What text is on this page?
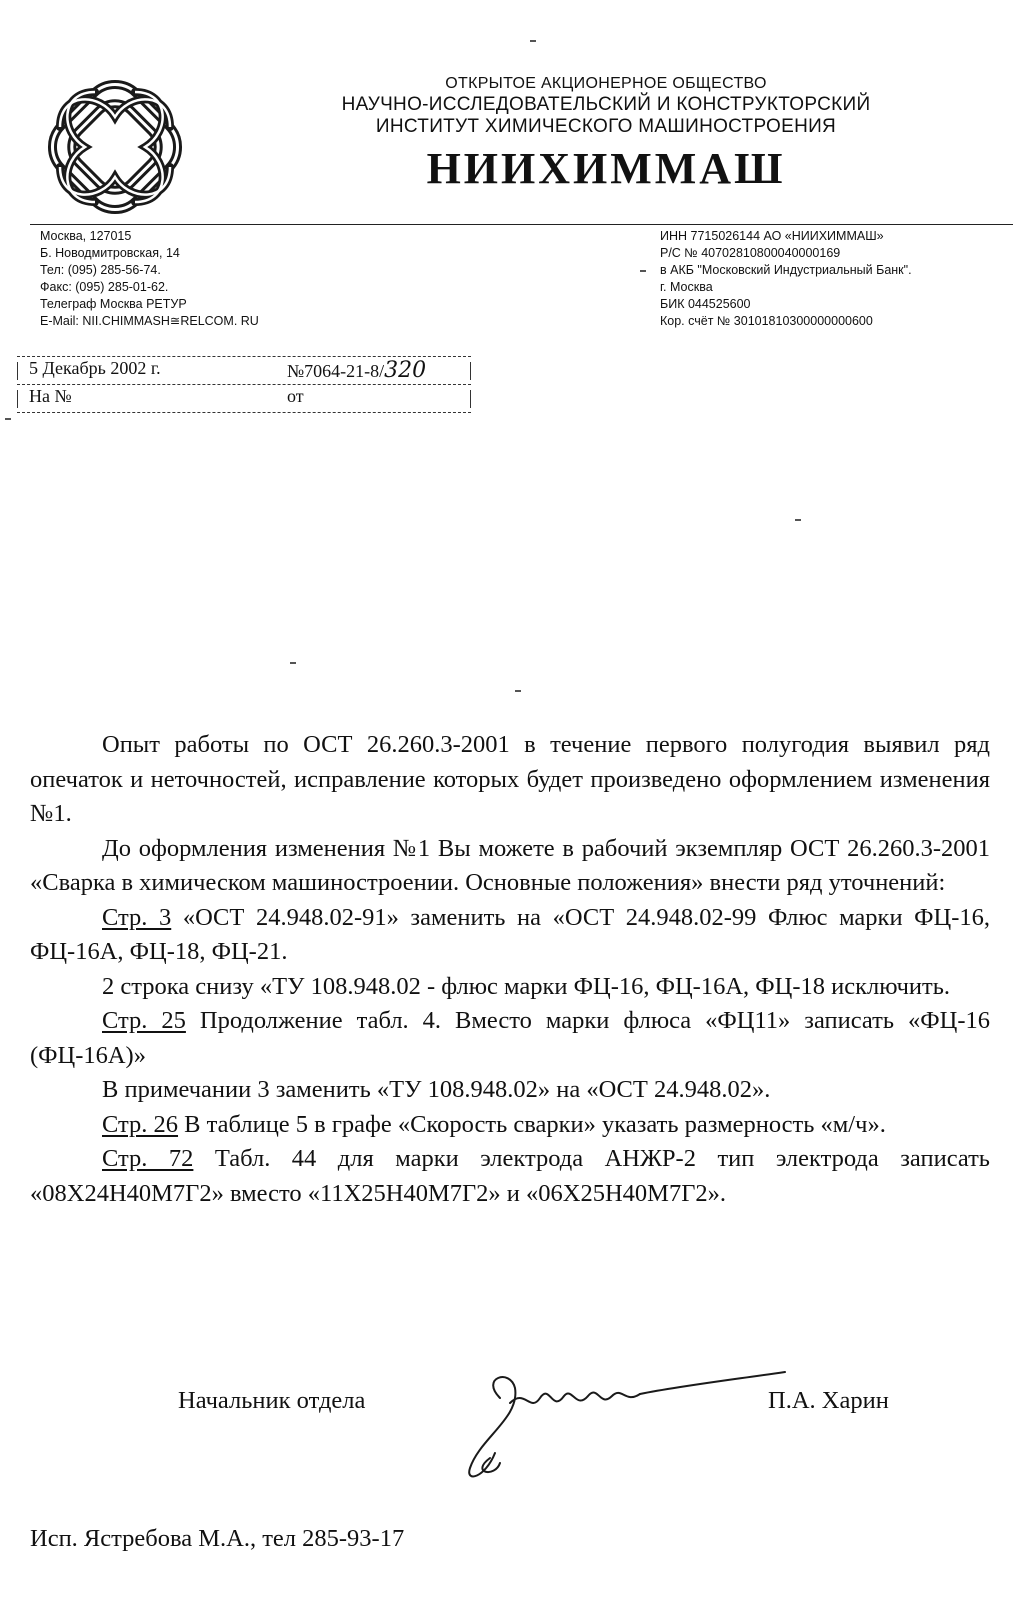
ОТКРЫТОЕ АКЦИОНЕРНОЕ ОБЩЕСТВО
НАУЧНО-ИССЛЕДОВАТЕЛЬСКИЙ И КОНСТРУКТОРСКИЙ
ИНСТИТУТ ХИМИЧЕСКОГО МАШИНОСТРОЕНИЯ
НИИХИММАШ
Москва, 127015
Б. Новодмитровская, 14
Тел: (095) 285-56-74.
Факс: (095) 285-01-62.
Телеграф Москва РЕТУР
E-Mail: NII.CHIMMASH≅RELCOM. RU
ИНН 7715026144 АО «НИИХИММАШ»
Р/С № 40702810800040000169
в АКБ "Московский Индустриальный Банк".
г. Москва
БИК 044525600
Кор. счёт № 30101810300000000600
5 Декабрь 2002 г.	№7064-21-8/320
На №	от

Опыт работы по ОСТ 26.260.3-2001 в течение первого полугодия выявил ряд опечаток и неточностей, исправление которых будет произведено оформлением изменения №1.

До оформления изменения №1 Вы можете в рабочий экземпляр ОСТ 26.260.3-2001 «Сварка в химическом машиностроении. Основные положения» внести ряд уточнений:

Стр. 3 «ОСТ 24.948.02-91» заменить на «ОСТ 24.948.02-99 Флюс марки ФЦ-16, ФЦ-16А, ФЦ-18, ФЦ-21.

2 строка снизу «ТУ 108.948.02 - флюс марки ФЦ-16, ФЦ-16А, ФЦ-18 исключить.

Стр. 25 Продолжение табл. 4. Вместо марки флюса «ФЦ11» записать «ФЦ-16 (ФЦ-16А)»

В примечании 3 заменить «ТУ 108.948.02» на «ОСТ 24.948.02».

Стр. 26 В таблице 5 в графе «Скорость сварки» указать размерность «м/ч».

Стр. 72 Табл. 44 для марки электрода АНЖР-2 тип электрода записать «08Х24Н40М7Г2» вместо «11Х25Н40М7Г2» и «06Х25Н40М7Г2».

Начальник отдела	П.А. Харин
Исп. Ястребова М.А., тел 285-93-17
